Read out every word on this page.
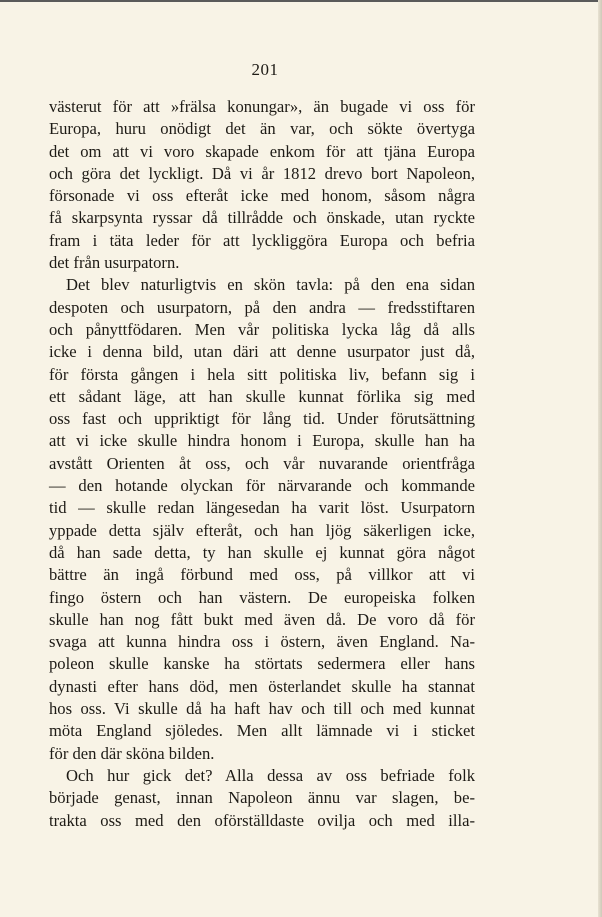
201
västerut för att »frälsa konungar», än bugade vi oss för
Europa, huru onödigt det än var, och sökte övertyga
det om att vi voro skapade enkom för att tjäna Europa
och göra det lyckligt. Då vi år 1812 drevo bort Napoleon,
försonade vi oss efteråt icke med honom, såsom några
få skarpsynta ryssar då tillrådde och önskade, utan ryckte
fram i täta leder för att lyckliggöra Europa och befria
det från usurpatorn.
Det blev naturligtvis en skön tavla: på den ena sidan
despoten och usurpatorn, på den andra — fredsstiftaren
och pånyttfödaren. Men vår politiska lycka låg då alls
icke i denna bild, utan däri att denne usurpator just då,
för första gången i hela sitt politiska liv, befann sig i
ett sådant läge, att han skulle kunnat förlika sig med
oss fast och uppriktigt för lång tid. Under förutsättning
att vi icke skulle hindra honom i Europa, skulle han ha
avstått Orienten åt oss, och vår nuvarande orientfråga
— den hotande olyckan för närvarande och kommande
tid — skulle redan längesedan ha varit löst. Usurpatorn
yppade detta själv efteråt, och han ljög säkerligen icke,
då han sade detta, ty han skulle ej kunnat göra något
bättre än ingå förbund med oss, på villkor att vi
fingo östern och han västern. De europeiska folken
skulle han nog fått bukt med även då. De voro då för
svaga att kunna hindra oss i östern, även England. Na-
poleon skulle kanske ha störtats sedermera eller hans
dynasti efter hans död, men österlandet skulle ha stannat
hos oss. Vi skulle då ha haft hav och till och med kunnat
möta England sjöledes. Men allt lämnade vi i sticket
för den där sköna bilden.
Och hur gick det? Alla dessa av oss befriade folk
började genast, innan Napoleon ännu var slagen, be-
trakta oss med den oförställdaste ovilja och med illa-
